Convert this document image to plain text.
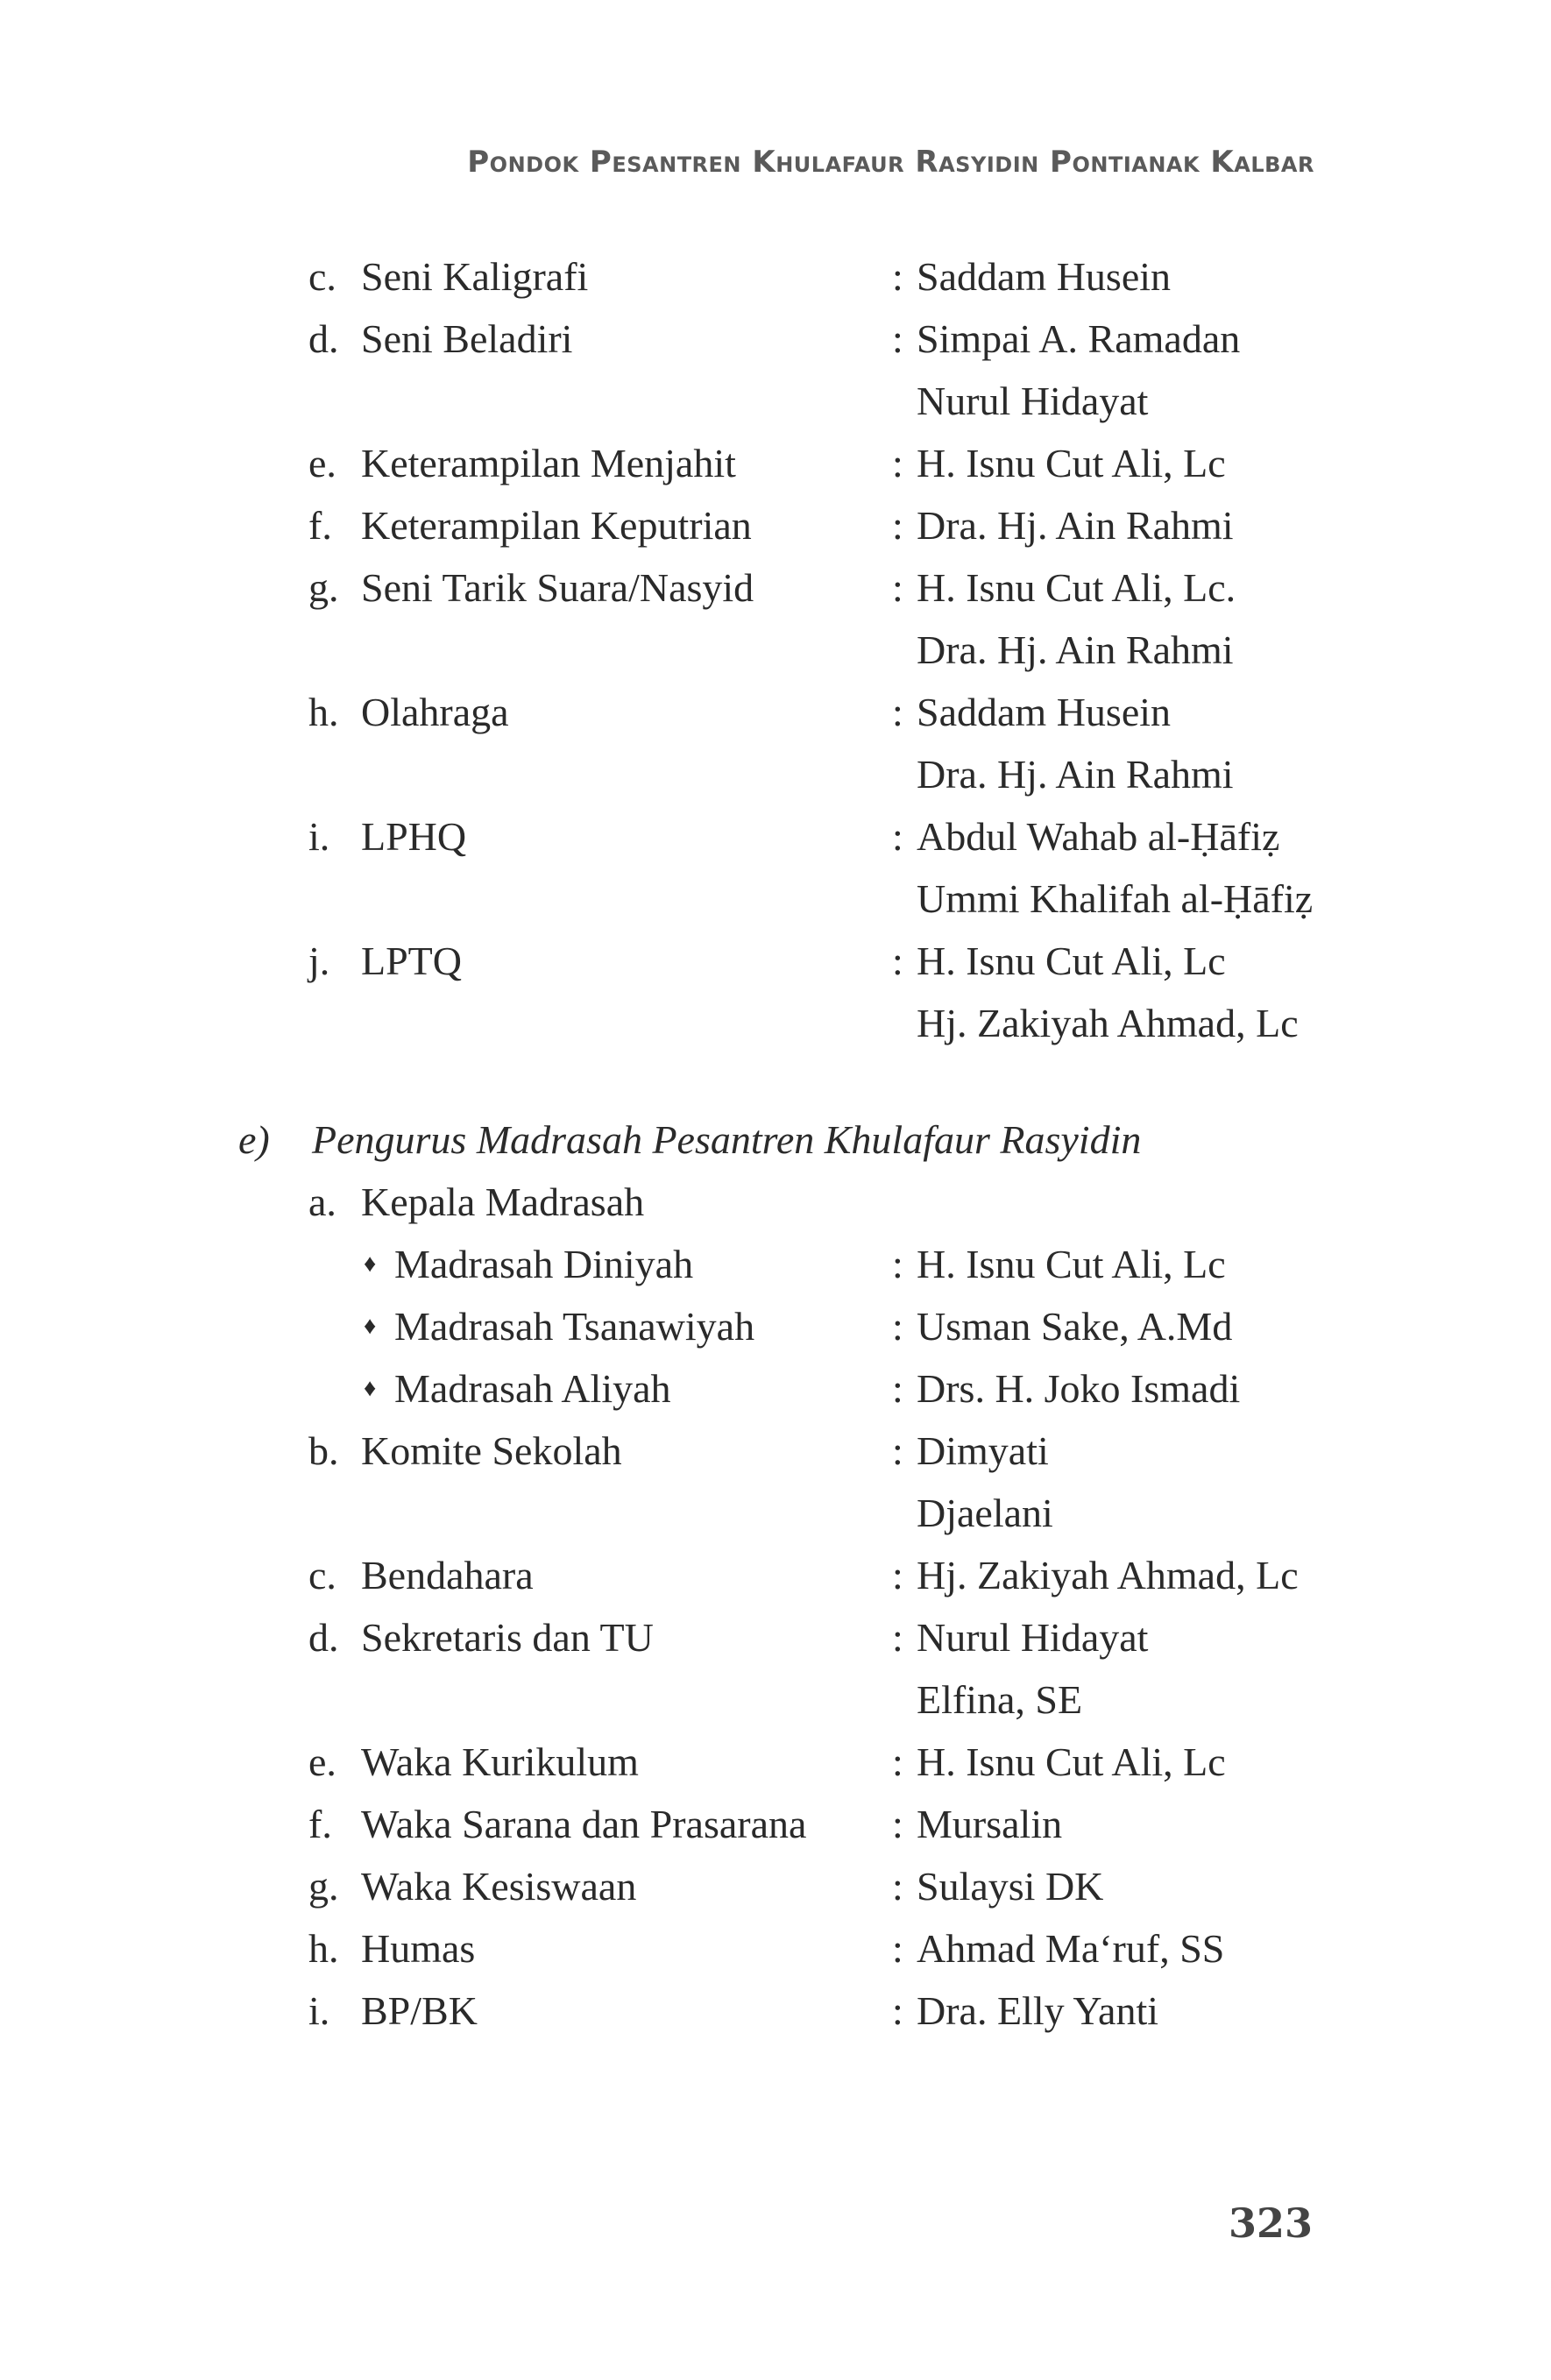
Pondok Pesantren Khulafaur Rasyidin Pontianak Kalbar
c. Seni Kaligrafi	: Saddam Husein
d. Seni Beladiri	: Simpai A. Ramadan
Nurul Hidayat
e. Keterampilan Menjahit	: H. Isnu Cut Ali, Lc
f. Keterampilan Keputrian	: Dra. Hj. Ain Rahmi
g. Seni Tarik Suara/Nasyid	: H. Isnu Cut Ali, Lc.
Dra. Hj. Ain Rahmi
h. Olahraga	: Saddam Husein
Dra. Hj. Ain Rahmi
i. LPHQ	: Abdul Wahab al-Ḥāfiẓ
Ummi Khalifah al-Ḥāfiẓ
j. LPTQ	: H. Isnu Cut Ali, Lc
Hj. Zakiyah Ahmad, Lc
e) Pengurus Madrasah Pesantren Khulafaur Rasyidin
a. Kepala Madrasah
♦ Madrasah Diniyah	: H. Isnu Cut Ali, Lc
♦ Madrasah Tsanawiyah	: Usman Sake, A.Md
♦ Madrasah Aliyah	: Drs. H. Joko Ismadi
b. Komite Sekolah	: Dimyati
Djaelani
c. Bendahara	: Hj. Zakiyah Ahmad, Lc
d. Sekretaris dan TU	: Nurul Hidayat
Elfina, SE
e. Waka Kurikulum	: H. Isnu Cut Ali, Lc
f. Waka Sarana dan Prasarana : Mursalin
g. Waka Kesiswaan	: Sulaysi DK
h. Humas	: Ahmad Ma‘ruf, SS
i. BP/BK	: Dra. Elly Yanti
323
